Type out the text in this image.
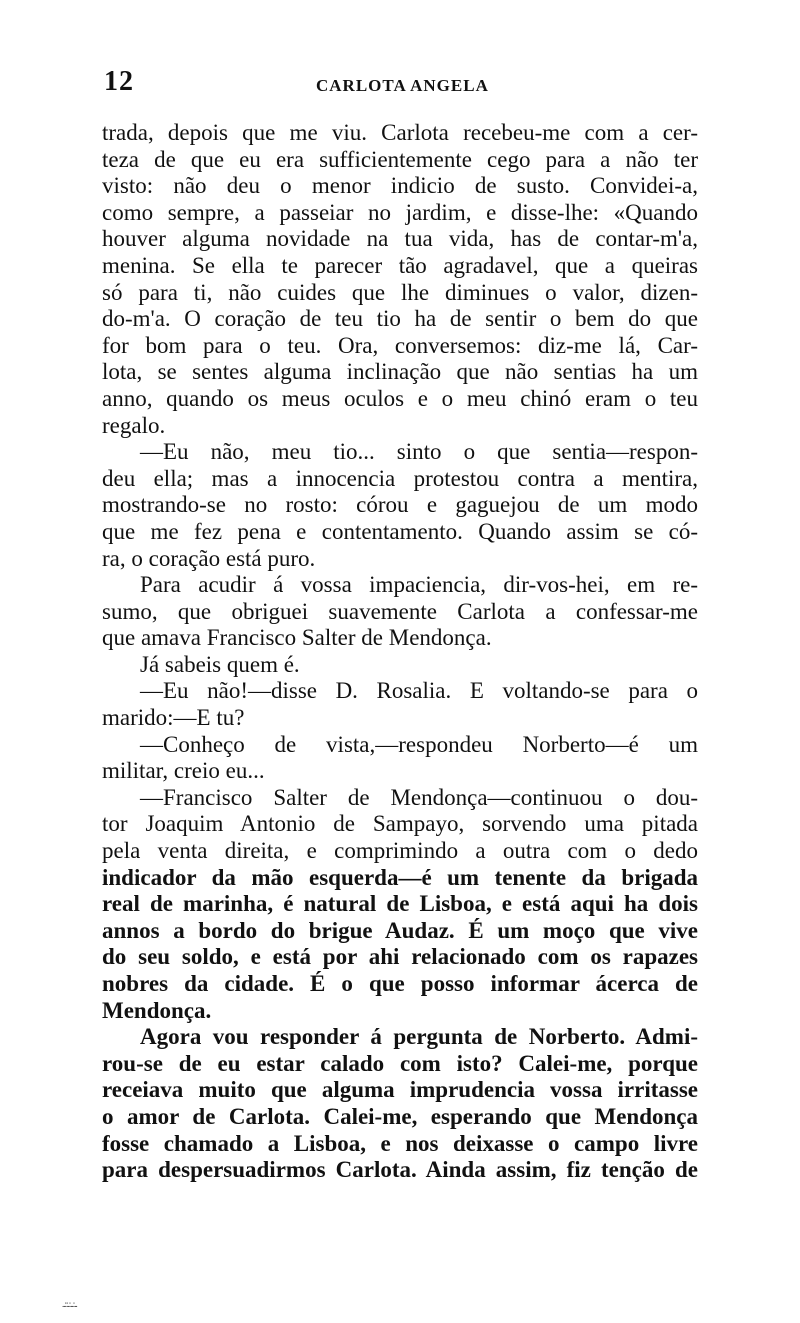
12	CARLOTA ANGELA
trada, depois que me viu. Carlota recebeu-me com a cer-
teza de que eu era sufficientemente cego para a não ter
visto: não deu o menor indicio de susto. Convidei-a,
como sempre, a passeiar no jardim, e disse-lhe: «Quando
houver alguma novidade na tua vida, has de contar-m'a,
menina. Se ella te parecer tão agradavel, que a queiras
só para ti, não cuides que lhe diminues o valor, dizen-
do-m'a. O coração de teu tio ha de sentir o bem do que
for bom para o teu. Ora, conversemos: diz-me lá, Car-
lota, se sentes alguma inclinação que não sentias ha um
anno, quando os meus oculos e o meu chinó eram o teu
regalo.
—Eu não, meu tio... sinto o que sentia—respon-
deu ella; mas a innocencia protestou contra a mentira,
mostrando-se no rosto: córou e gaguejou de um modo
que me fez pena e contentamento. Quando assim se có-
ra, o coração está puro.
Para acudir á vossa impaciencia, dir-vos-hei, em re-
sumo, que obriguei suavemente Carlota a confessar-me
que amava Francisco Salter de Mendonça.
Já sabeis quem é.
—Eu não!—disse D. Rosalia. E voltando-se para o
marido:—E tu?
—Conheço de vista,—respondeu Norberto—é um
militar, creio eu...
—Francisco Salter de Mendonça—continuou o dou-
tor Joaquim Antonio de Sampayo, sorvendo uma pitada
pela venta direita, e comprimindo a outra com o dedo
indicador da mão esquerda—é um tenente da brigada
real de marinha, é natural de Lisboa, e está aqui ha dois
annos a bordo do brigue Audaz. É um moço que vive
do seu soldo, e está por ahi relacionado com os rapazes
nobres da cidade. É o que posso informar ácerca de
Mendonça.
Agora vou responder á pergunta de Norberto. Admi-
rou-se de eu estar calado com isto? Calei-me, porque
receiava muito que alguma imprudencia vossa irritasse
o amor de Carlota. Calei-me, esperando que Mendonça
fosse chamado a Lisboa, e nos deixasse o campo livre
para despersuadirmos Carlota. Ainda assim, fiz tenção de
..::.:..:..
